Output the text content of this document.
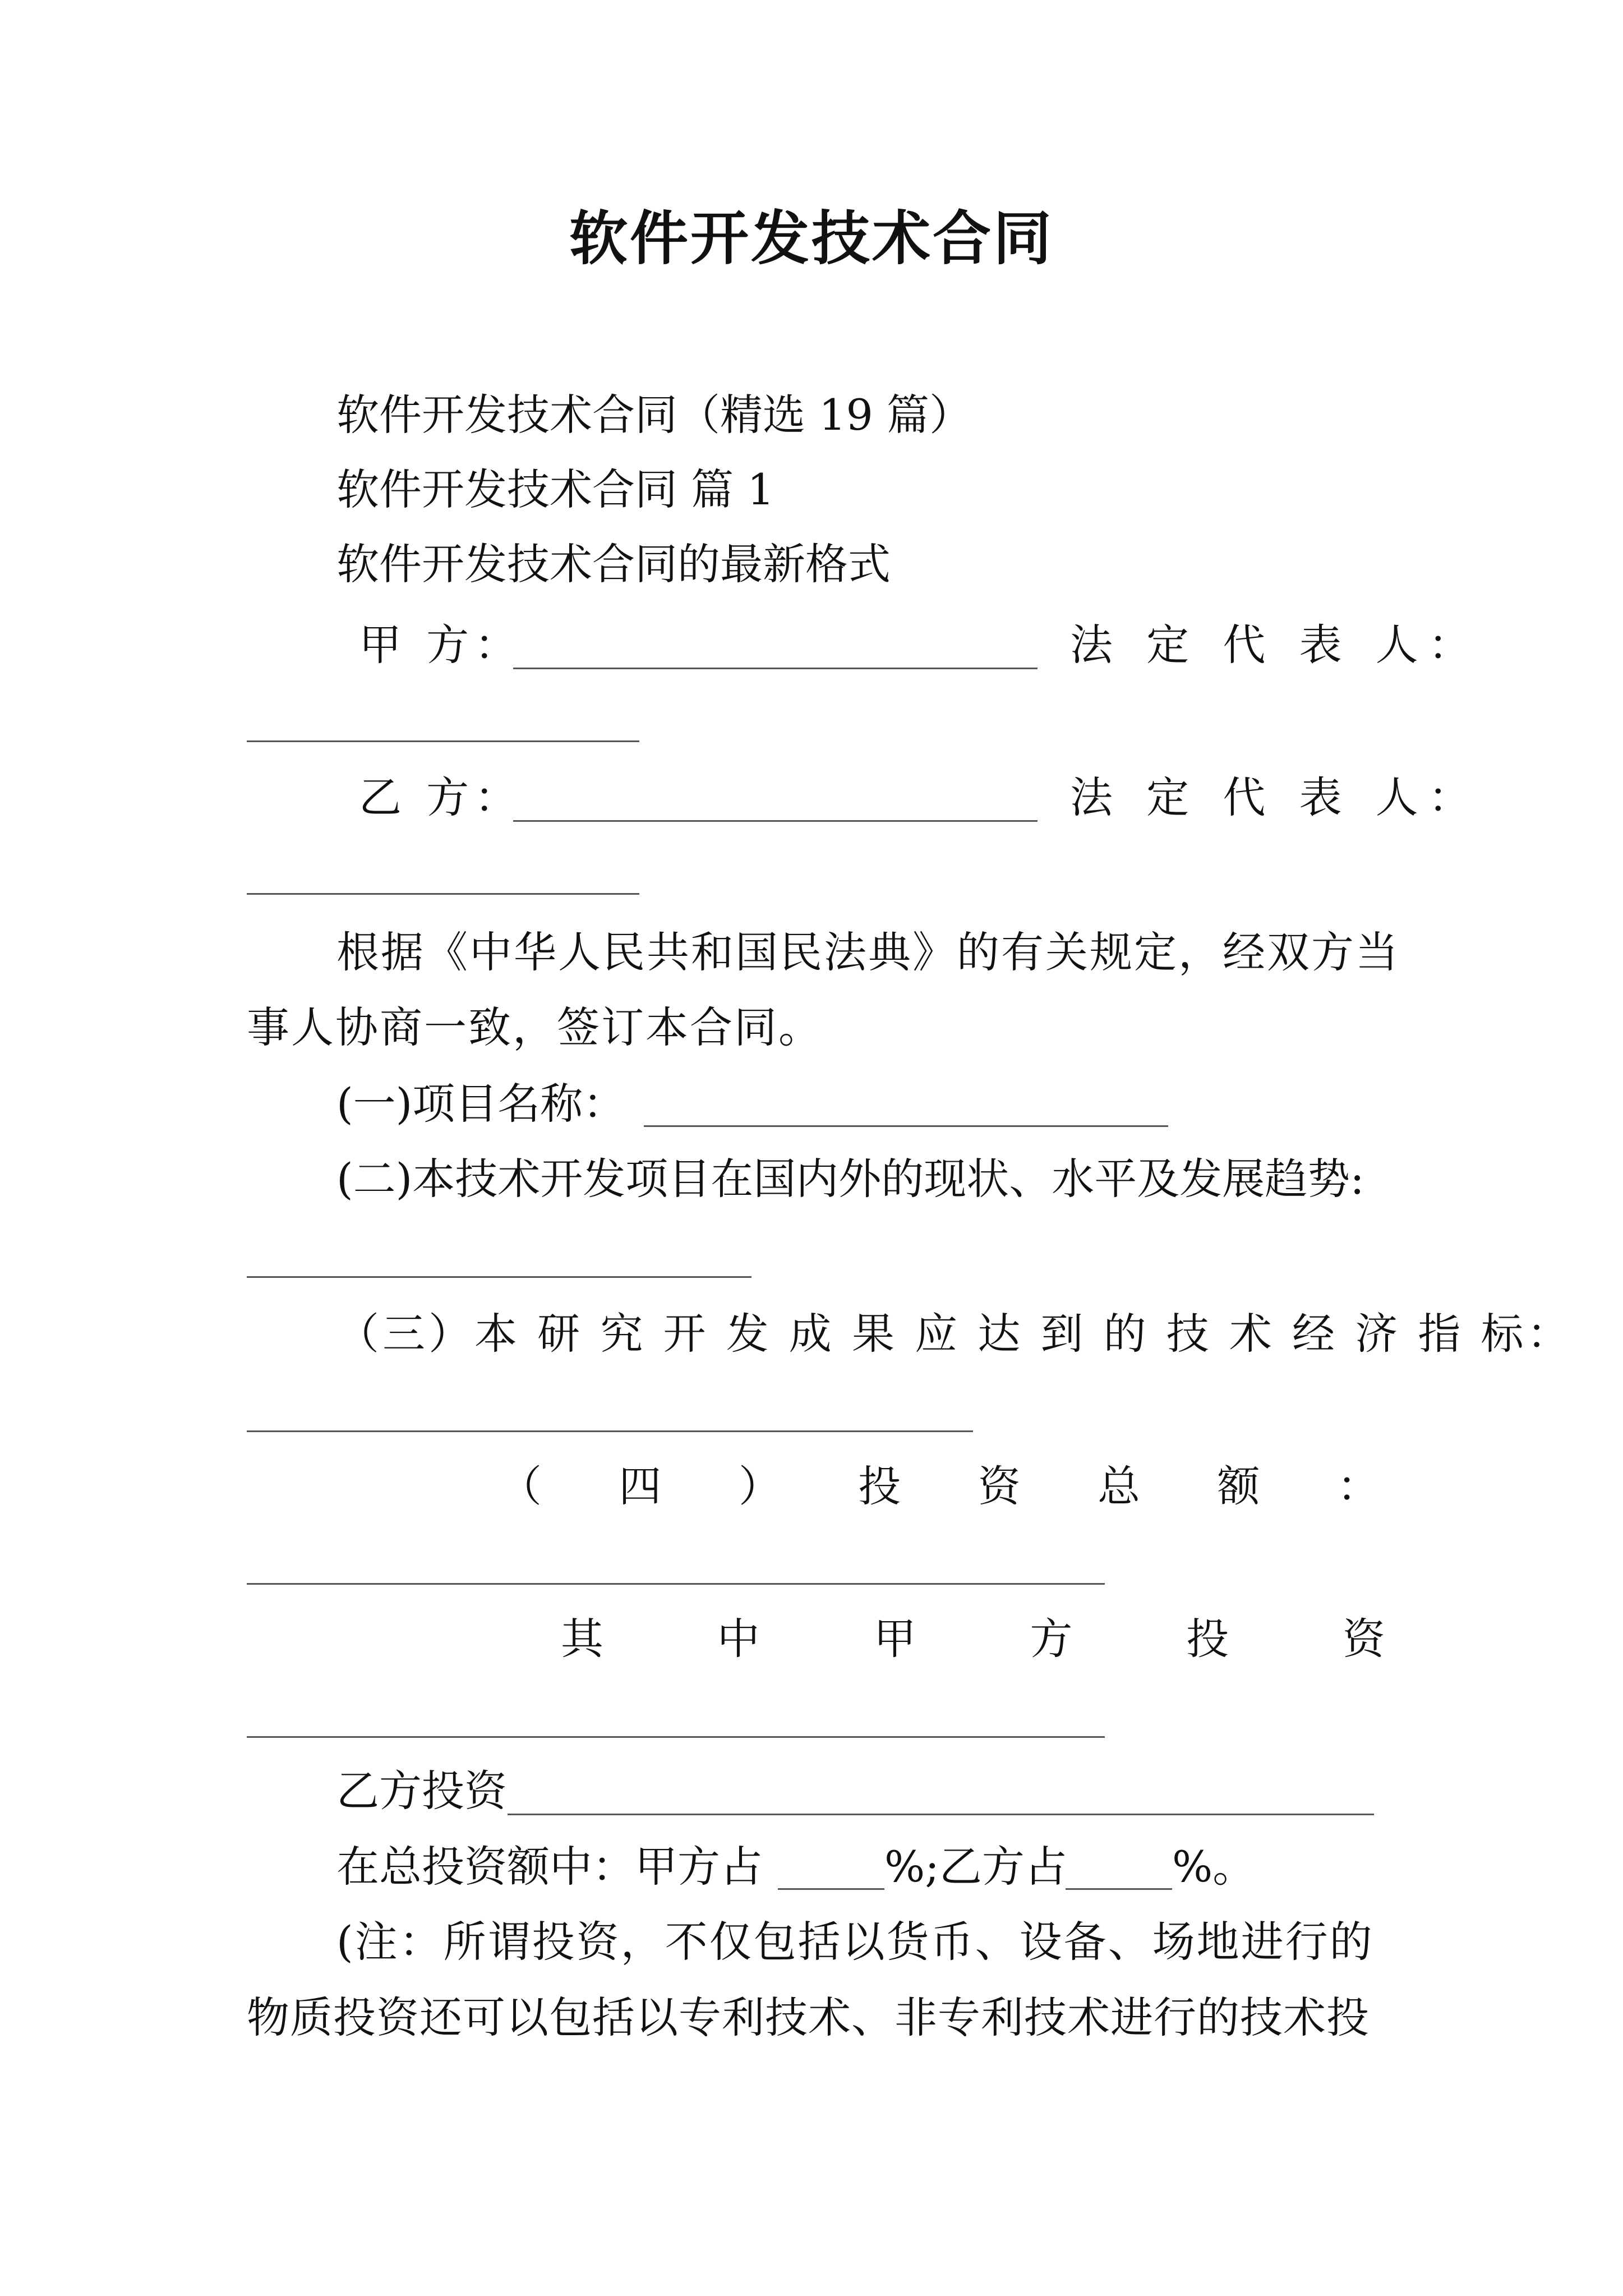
软件开发技术合同
软件开发技术合同（精选 19 篇）
软件开发技术合同 篇 1
软件开发技术合同的最新格式
甲 方：	法 定 代 表 人：
乙 方：	法 定 代 表 人：
根据《中华人民共和国民法典》的有关规定，经双方当
事人协商一致，签订本合同。
(一)项目名称：
(二)本技术开发项目在国内外的现状、水平及发展趋势:
（三）本 研 究 开 发 成 果 应 达 到 的 技 术 经 济 指 标：
（ 四 ） 投 资 总 额 ：
其	中	甲	方	投	资
乙方投资
在总投资额中：甲方占	%;乙方占 %。
(注：所谓投资，不仅包括以货币、设备、场地进行的
物质投资还可以包括以专利技术、非专利技术进行的技术投
